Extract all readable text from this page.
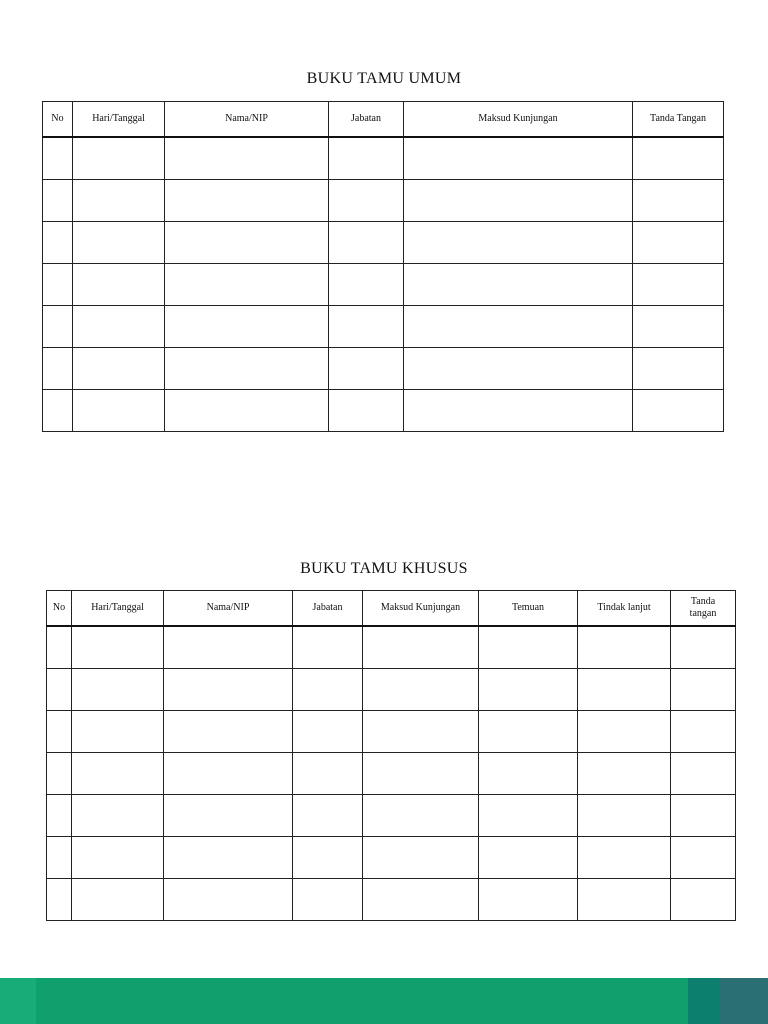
BUKU TAMU UMUM
No	Hari/Tanggal	Nama/NIP	Jabatan	Maksud Kunjungan	Tanda Tangan

BUKU TAMU KHUSUS
No	Hari/Tanggal	Nama/NIP	Jabatan	Maksud Kunjungan	Temuan	Tindak lanjut	Tanda
tangan
